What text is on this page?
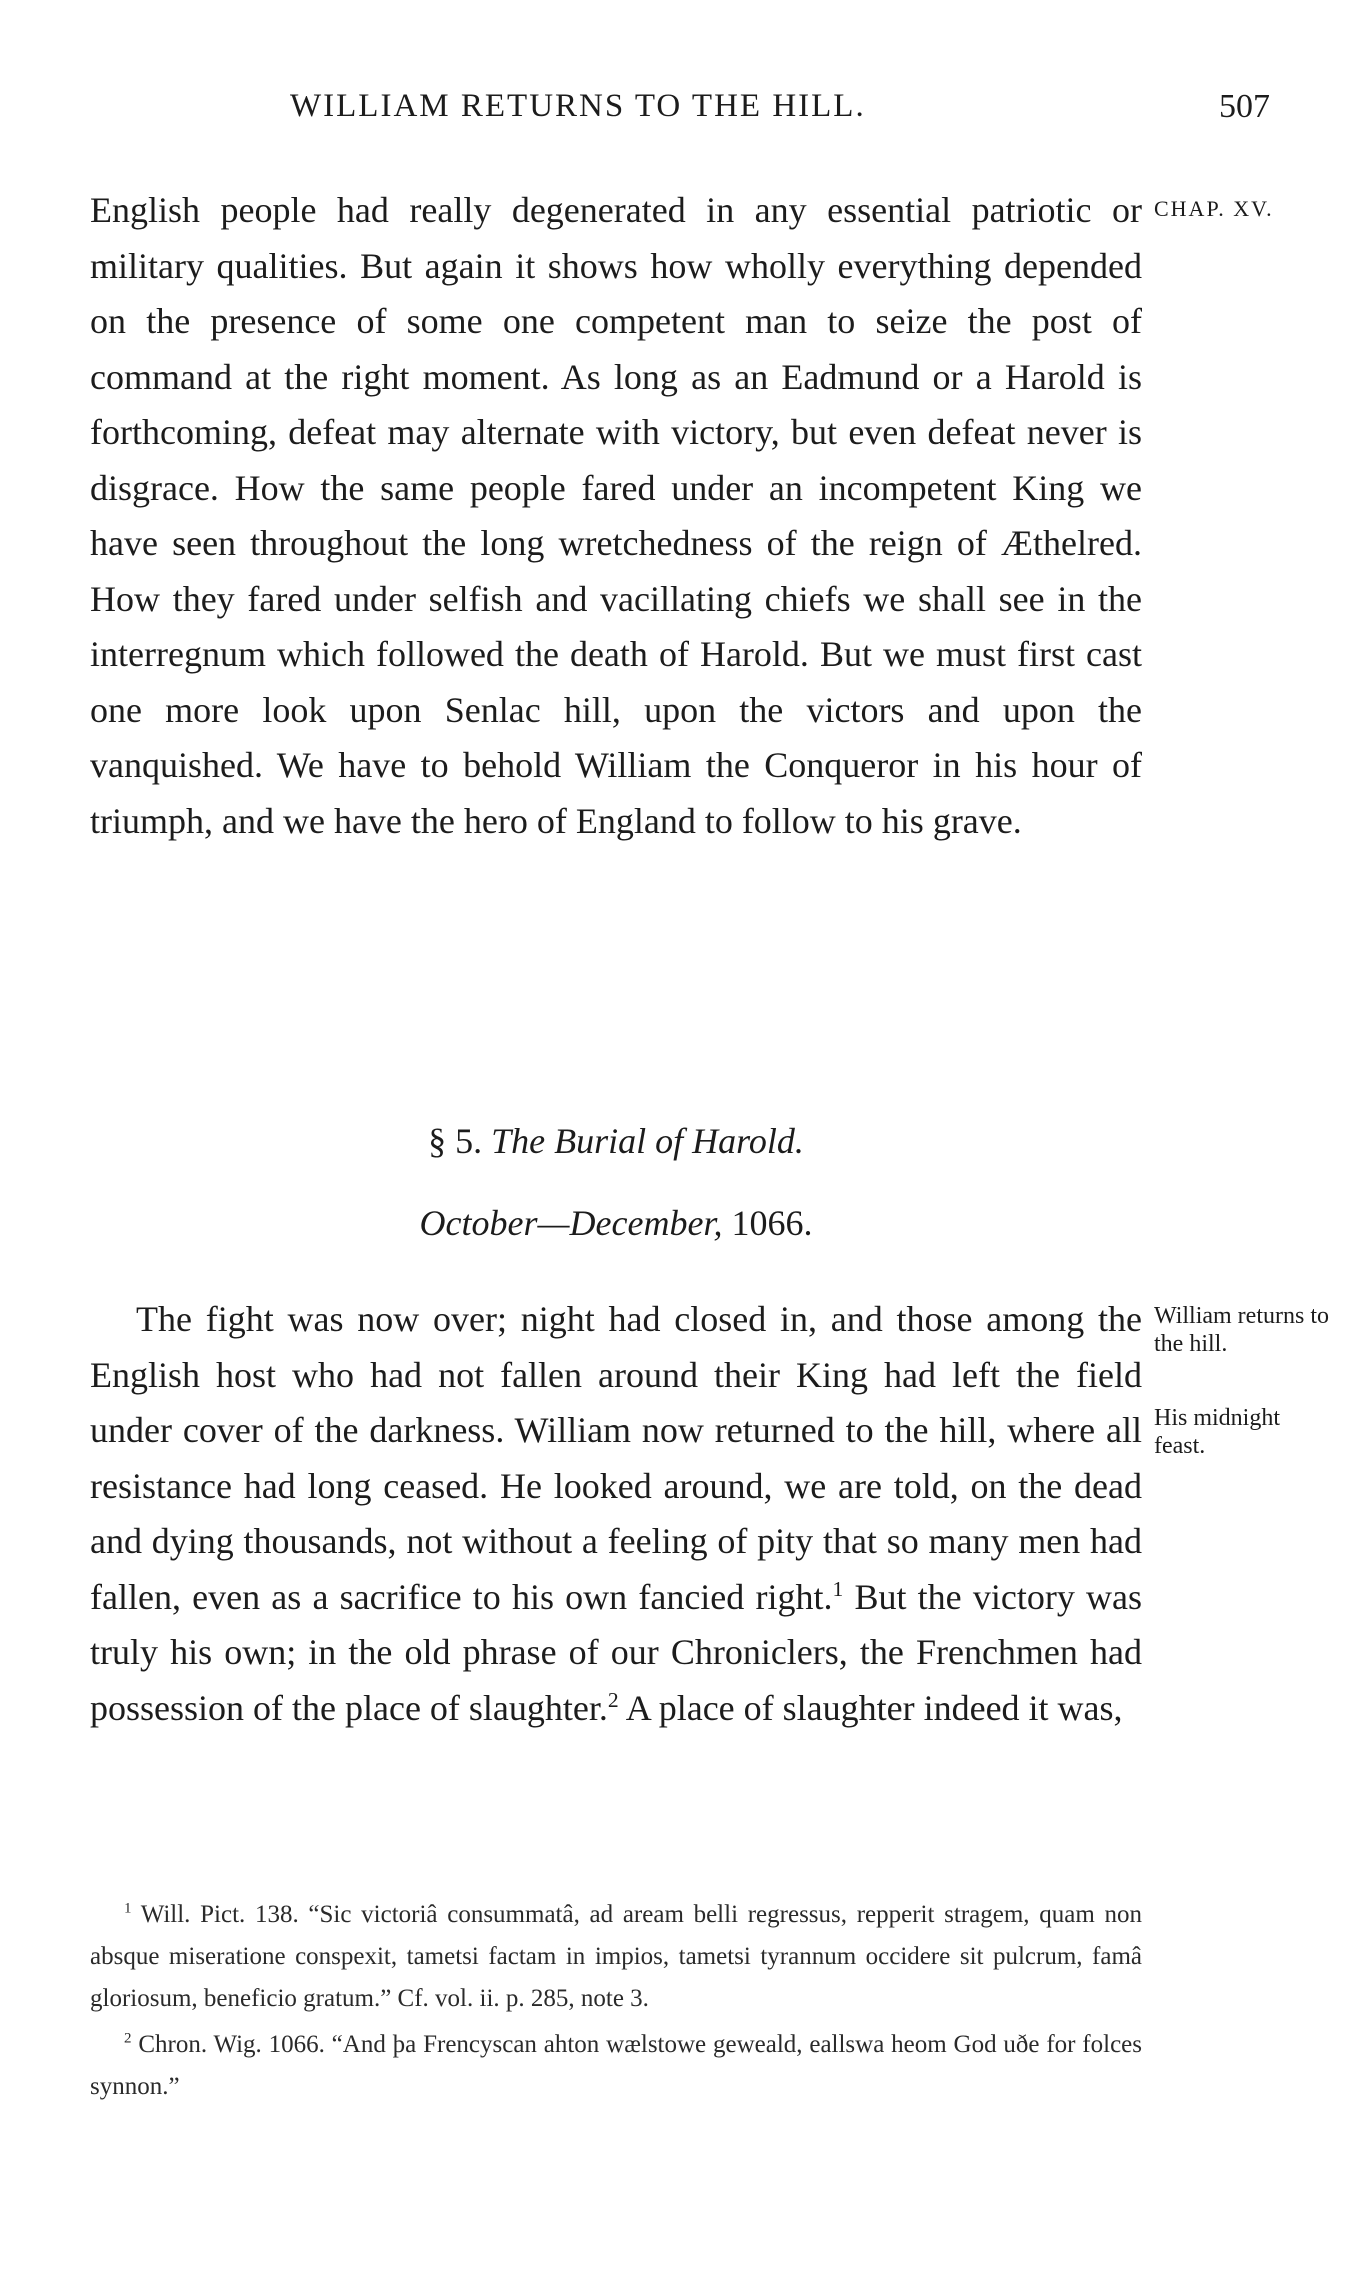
WILLIAM RETURNS TO THE HILL.	507

CHAP. XV.

English people had really degenerated in any essential patriotic or military qualities. But again it shows how wholly everything depended on the presence of some one competent man to seize the post of command at the right moment. As long as an Eadmund or a Harold is forthcoming, defeat may alternate with victory, but even defeat never is disgrace. How the same people fared under an incompetent King we have seen throughout the long wretchedness of the reign of Æthelred. How they fared under selfish and vacillating chiefs we shall see in the interregnum which followed the death of Harold. But we must first cast one more look upon Senlac hill, upon the victors and upon the vanquished. We have to behold William the Conqueror in his hour of triumph, and we have the hero of England to follow to his grave.

§ 5. The Burial of Harold.

October—December, 1066.

The fight was now over; night had closed in, and those among the English host who had not fallen around their King had left the field under cover of the darkness. William now returned to the hill, where all resistance had long ceased. He looked around, we are told, on the dead and dying thousands, not without a feeling of pity that so many men had fallen, even as a sacrifice to his own fancied right.$^1$ But the victory was truly his own; in the old phrase of our Chroniclers, the Frenchmen had possession of the place of slaughter.$^2$ A place of slaughter indeed it was,

William returns to the hill.

His midnight feast.

$^1$ Will. Pict. 138. “Sic victoriâ consummatâ, ad aream belli regressus, repperit stragem, quam non absque miseratione conspexit, tametsi factam in impios, tametsi tyrannum occidere sit pulcrum, famâ gloriosum, beneficio gratum.” Cf. vol. ii. p. 285, note 3.

$^2$ Chron. Wig. 1066. “And þa Frencyscan ahton wælstowe geweald, eallswa heom God uðe for folces synnon.”
